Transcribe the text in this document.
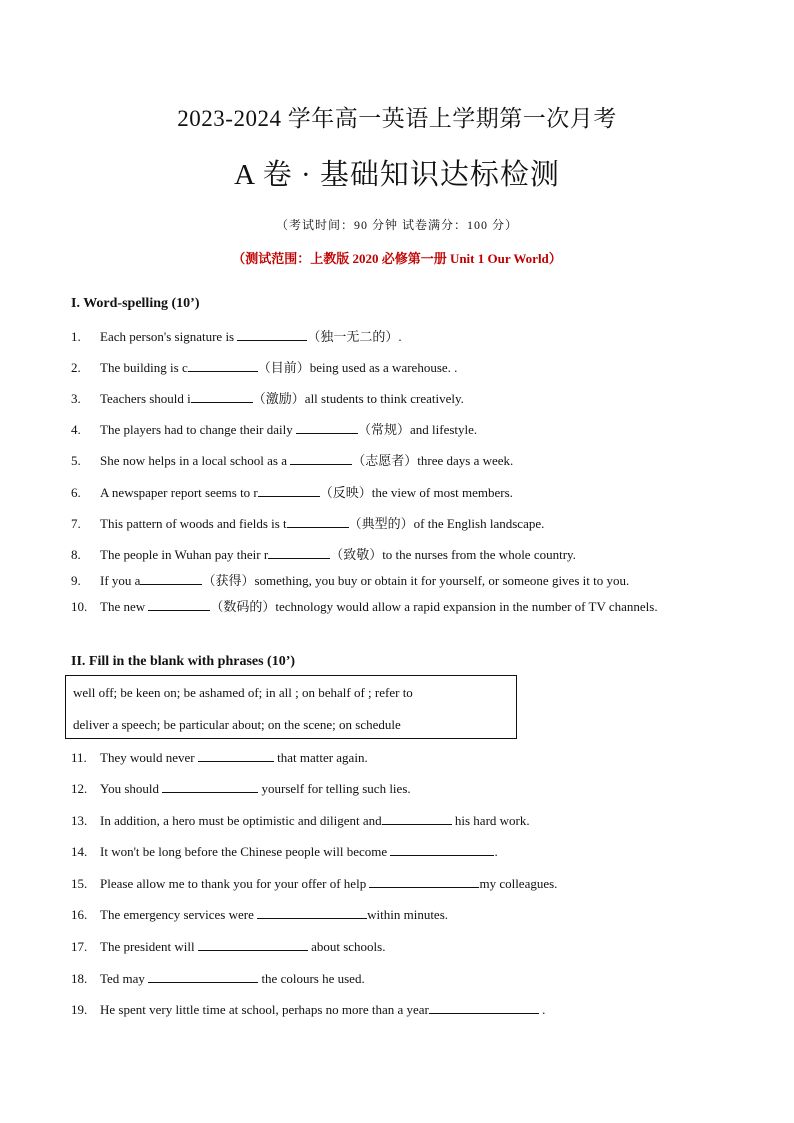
2023-2024 学年高一英语上学期第一次月考
A 卷 · 基础知识达标检测
（考试时间：90 分钟 试卷满分：100 分）
（测试范围：上教版 2020 必修第一册 Unit 1 Our World）
I. Word-spelling (10’)
1. Each person's signature is	（独一无二的）.
2. The building is c	（目前）being used as a warehouse. .
3. Teachers should i	（激励）all students to think creatively.
4. The players had to change their daily	（常规）and lifestyle.
5. She now helps in a local school as a	（志愿者）three days a week.
6. A newspaper report seems to r	（反映）the view of most members.
7. This pattern of woods and fields is t	（典型的）of the English landscape.
8. The people in Wuhan pay their r	（致敬）to the nurses from the whole country.
9. If you a	（获得）something, you buy or obtain it for yourself, or someone gives it to you.
10. The new	（数码的）technology would allow a rapid expansion in the number of TV channels.
II. Fill in the blank with phrases (10’)
well off; be keen on; be ashamed of; in all ; on behalf of ; refer to
deliver a speech; be particular about; on the scene; on schedule
11. They would never	that matter again.
12. You should	yourself for telling such lies.
13. In addition, a hero must be optimistic and diligent and	his hard work.
14. It won't be long before the Chinese people will become	.
15. Please allow me to thank you for your offer of help	my colleagues.
16. The emergency services were	within minutes.
17. The president will	about schools.
18. Ted may	the colours he used.
19. He spent very little time at school, perhaps no more than a year	.
